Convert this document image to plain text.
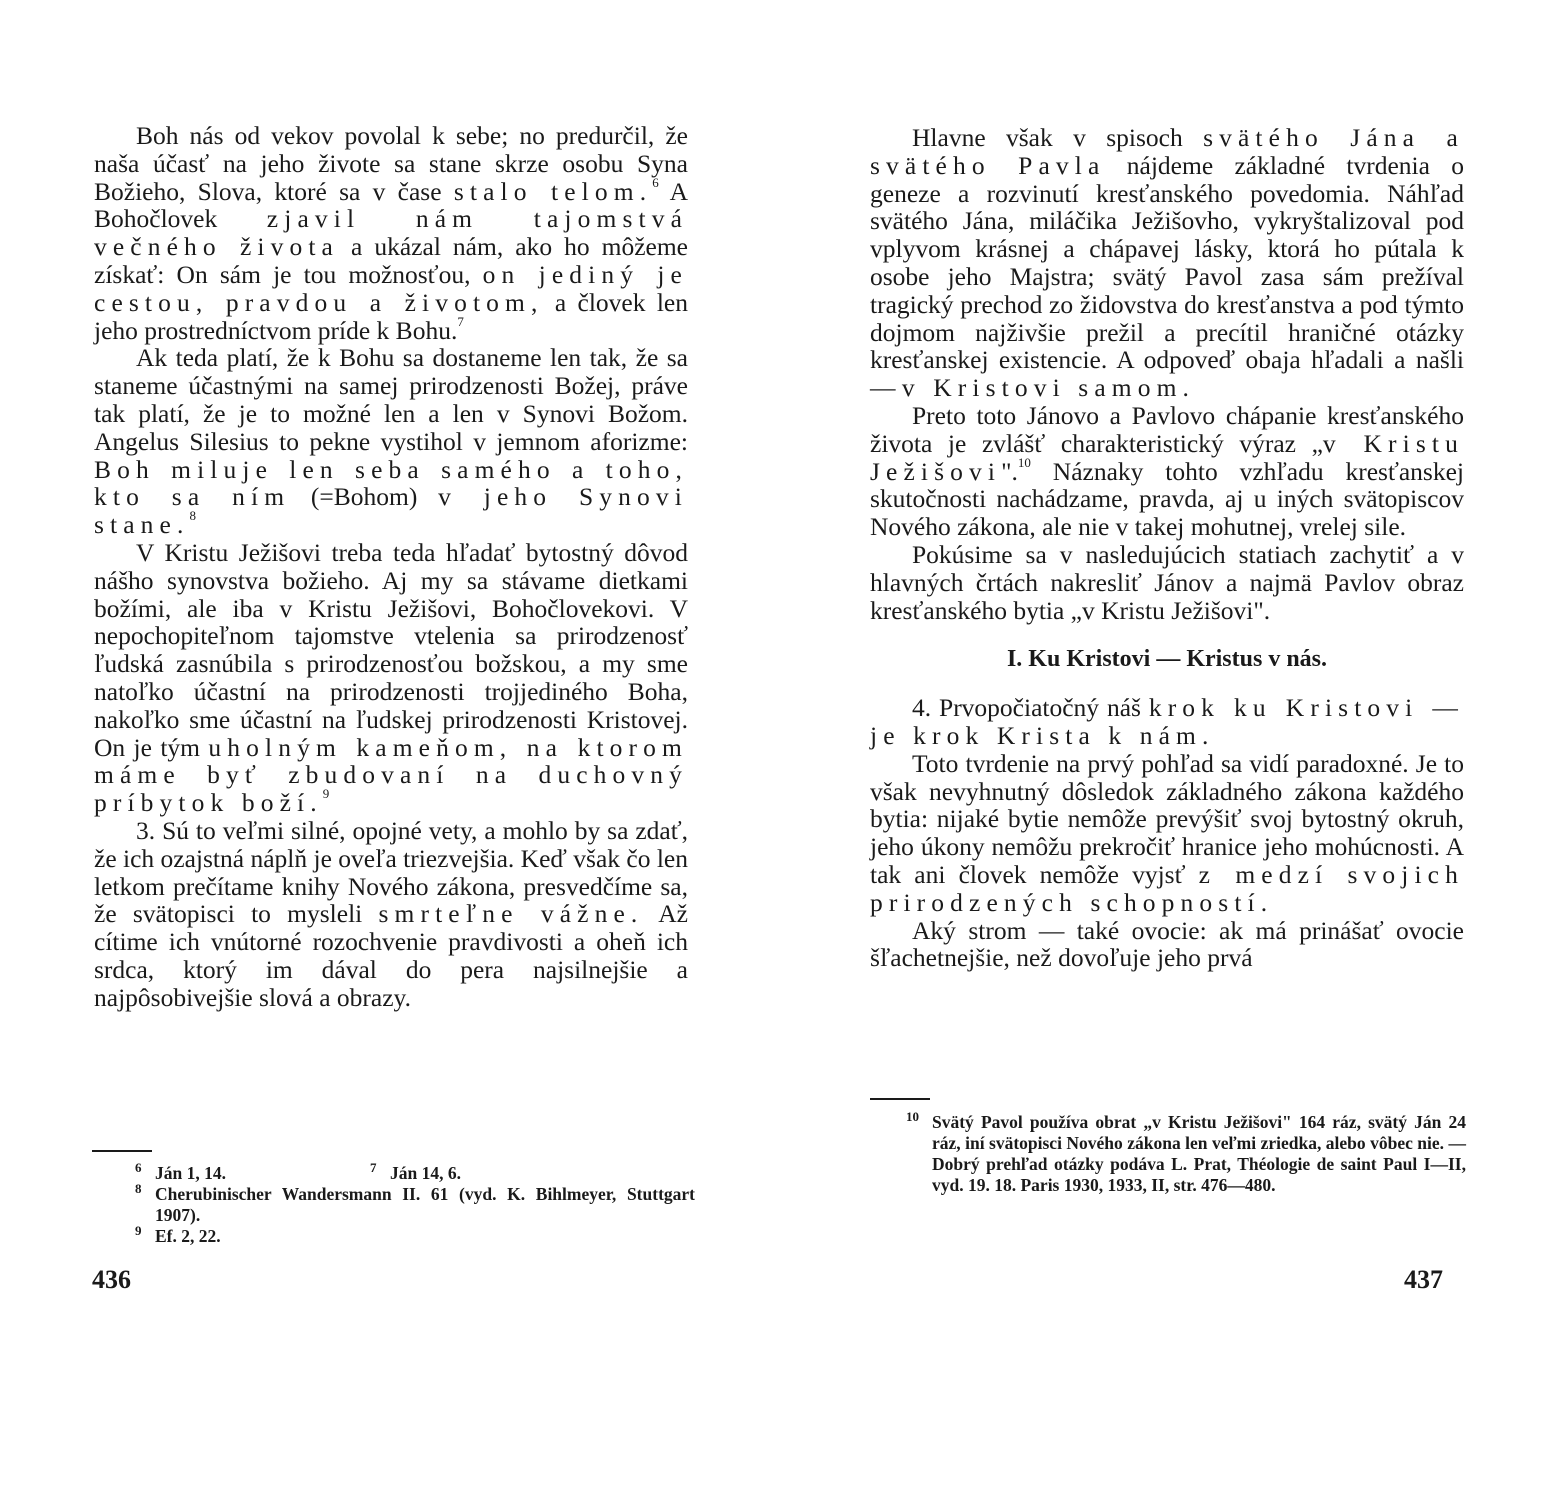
Boh nás od vekov povolal k sebe; no predurčil, že naša účasť na jeho živote sa stane skrze osobu Syna Božieho, Slova, ktoré sa v čase stalo telom.$^6$ A Bohočlovek zjavil nám tajomstvá večného života a ukázal nám, ako ho môžeme získať: On sám je tou možnosťou, on jediný je cestou, pravdou a životom, a človek len jeho prostredníctvom príde k Bohu.$^7$

Ak teda platí, že k Bohu sa dostaneme len tak, že sa staneme účastnými na samej prirodzenosti Božej, práve tak platí, že je to možné len a len v Synovi Božom. Angelus Silesius to pekne vystihol v jemnom aforizme: Boh miluje len seba samého a toho, kto sa ním (=Bohom) v jeho Synovi stane.$^8$

V Kristu Ježišovi treba teda hľadať bytostný dôvod nášho synovstva božieho. Aj my sa stávame dietkami božími, ale iba v Kristu Ježišovi, Bohočlovekovi. V nepochopiteľnom tajomstve vtelenia sa prirodzenosť ľudská zasnúbila s prirodzenosťou božskou, a my sme natoľko účastní na prirodzenosti trojjediného Boha, nakoľko sme účastní na ľudskej prirodzenosti Kristovej. On je tým uholným kameňom, na ktorom máme byť zbudovaní na duchovný príbytok boží.$^9$

3. Sú to veľmi silné, opojné vety, a mohlo by sa zdať, že ich ozajstná náplň je oveľa triezvejšia. Keď však čo len letkom prečítame knihy Nového zákona, presvedčíme sa, že svätopisci to mysleli smrteľne vážne. Až cítime ich vnútorné rozochvenie pravdivosti a oheň ich srdca, ktorý im dával do pera najsilnejšie a najpôsobivejšie slová a obrazy.

$^6$ Ján 1, 14.	$^7$ Ján 14, 6.
$^8$ Cherubinischer Wandersmann II. 61 (vyd. K. Bihlmeyer, Stuttgart 1907).
$^9$ Ef. 2, 22.
436

Hlavne však v spisoch svätého Jána a svätého Pavla nájdeme základné tvrdenia o geneze a rozvinutí kresťanského povedomia. Náhľad svätého Jána, miláčika Ježišovho, vykryštalizoval pod vplyvom krásnej a chápavej lásky, ktorá ho pútala k osobe jeho Majstra; svätý Pavol zasa sám prežíval tragický prechod zo židovstva do kresťanstva a pod týmto dojmom najživšie prežil a precítil hraničné otázky kresťanskej existencie. A odpoveď obaja hľadali a našli — v Kristovi samom.

Preto toto Jánovo a Pavlovo chápanie kresťanského života je zvlášť charakteristický výraz „v Kristu Ježišovi".$^{10}$ Náznaky tohto vzhľadu kresťanskej skutočnosti nachádzame, pravda, aj u iných svätopiscov Nového zákona, ale nie v takej mohutnej, vrelej sile.

Pokúsime sa v nasledujúcich statiach zachytiť a v hlavných črtách nakresliť Jánov a najmä Pavlov obraz kresťanského bytia „v Kristu Ježišovi".

I. Ku Kristovi — Kristus v nás.

4. Prvopočiatočný náš krok ku Kristovi — je krok Krista k nám.

Toto tvrdenie na prvý pohľad sa vidí paradoxné. Je to však nevyhnutný dôsledok základného zákona každého bytia: nijaké bytie nemôže prevýšiť svoj bytostný okruh, jeho úkony nemôžu prekročiť hranice jeho mohúcnosti. A tak ani človek nemôže vyjsť z medzí svojich prirodzených schopností.

Aký strom — také ovocie: ak má prinášať ovocie šľachetnejšie, než dovoľuje jeho prvá

$^{10}$ Svätý Pavol používa obrat „v Kristu Ježišovi" 164 ráz, svätý Ján 24 ráz, iní svätopisci Nového zákona len veľmi zriedka, alebo vôbec nie. — Dobrý prehľad otázky podáva L. Prat, Théologie de saint Paul I—II, vyd. 19. 18. Paris 1930, 1933, II, str. 476—480.
437
